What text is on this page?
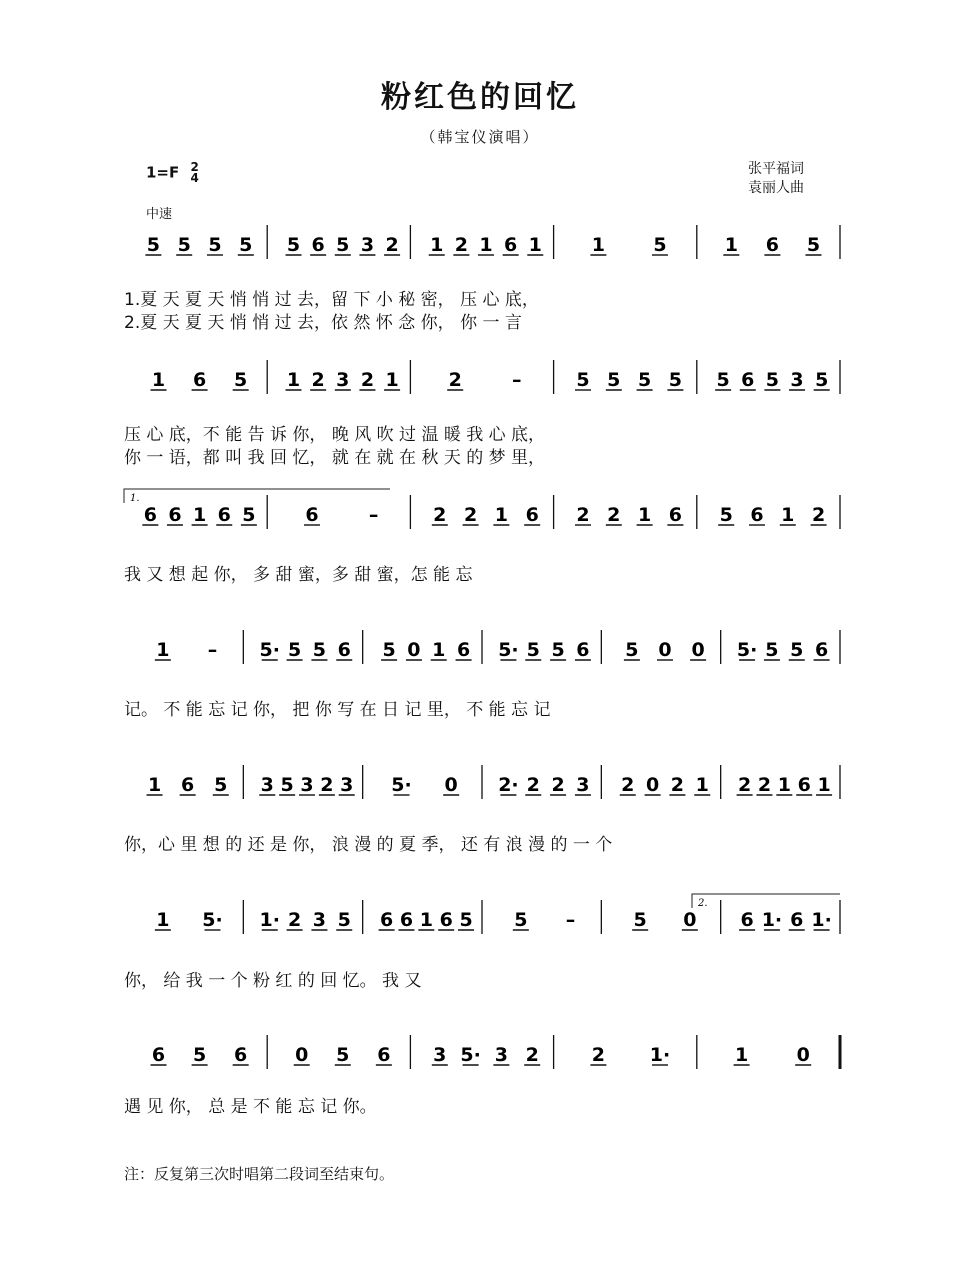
粉红色的回忆
（韩宝仪演唱）
1=F 2
4
中速
张平福词
袁丽人曲
5 5 5 5 5 6 5 3 2 1 2 1 6 1	1	5	1 6 5
1.夏 天 夏 天 悄 悄 过 去，留 下 小 秘 密， 压 心 底，
2.夏 天 夏 天 悄 悄 过 去，依 然 怀 念 你， 你 一 言
1 6 5 1 2 3 2 1	2	–	5 5 5 5 5 6 5 3 5
压 心 底，不 能 告 诉 你， 晚 风 吹 过 温 暖 我 心 底，
你 一 语，都 叫 我 回 忆， 就 在 就 在 秋 天 的 梦 里，
1.
6 6 1 6 5	6	–	2 2 1 6 2 2 1 6 5 6 1 2
我 又 想 起 你， 多 甜 蜜，多 甜 蜜，怎 能 忘
1 – 5· 5 5 6 5 0 1 6 5· 5 5 6 5 0 0 5· 5 5 6
记。 不 能 忘 记 你， 把 你 写 在 日 记 里， 不 能 忘 记
1 6 5 3 5 3 2 3 5· 0 2· 2 2 3 2 0 2 1 2 2 1 6 1
你，心 里 想 的 还 是 你， 浪 漫 的 夏 季， 还 有 浪 漫 的 一 个
2.
1 5· 1· 2 3 5 6 6 1 6 5 5 –	5 0 6 1· 6 1·
你， 给 我 一 个 粉 红 的 回 忆。 我 又
6 5 6	0 5 6 3 5· 3 2	2 1·	1	0
遇 见 你， 总 是 不 能 忘 记 你。
注：反复第三次时唱第二段词至结束句。
